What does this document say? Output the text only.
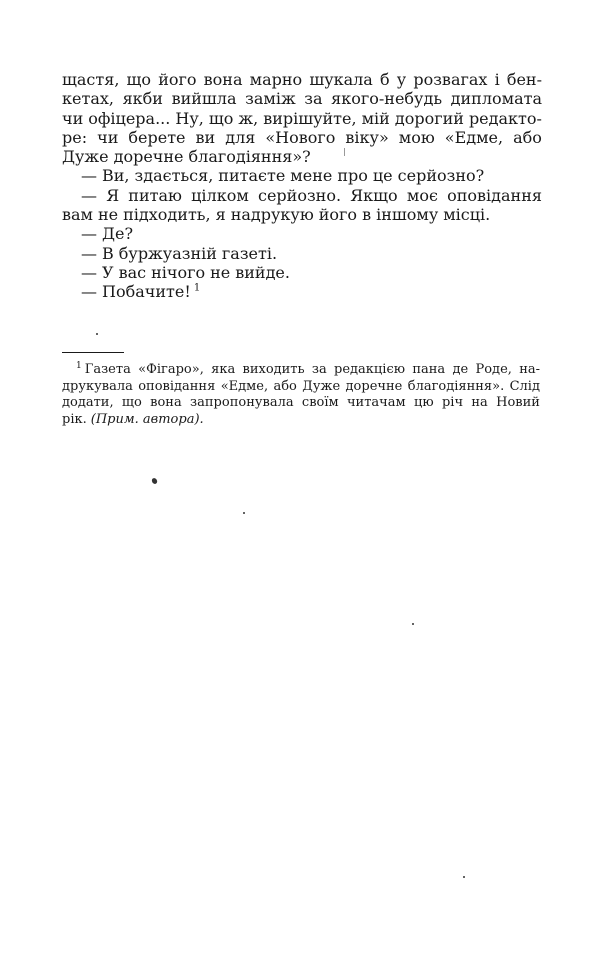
щастя, що його вона марно шукала б у розвагах і бен-
кетах, якби вийшла заміж за якого-небудь дипломата
чи офіцера... Ну, що ж, вирішуйте, мій дорогий редакто-
ре: чи берете ви для «Нового віку» мою «Едме, або
Дуже доречне благодіяння»?
— Ви, здається, питаєте мене про це серйозно?
— Я питаю цілком серйозно. Якщо моє оповідання
вам не підходить, я надрукую його в іншому місці.
— Де?
— В буржуазній газеті.
— У вас нічого не вийде.
— Побачите! $^1$
$^1$ Газета «Фігаро», яка виходить за редакцією пана де Роде, на-
друкувала оповідання «Едме, або Дуже доречне благодіяння». Слід
додати, що вона запропонувала своїм читачам цю річ на Новий
рік. (Прим. автора).
